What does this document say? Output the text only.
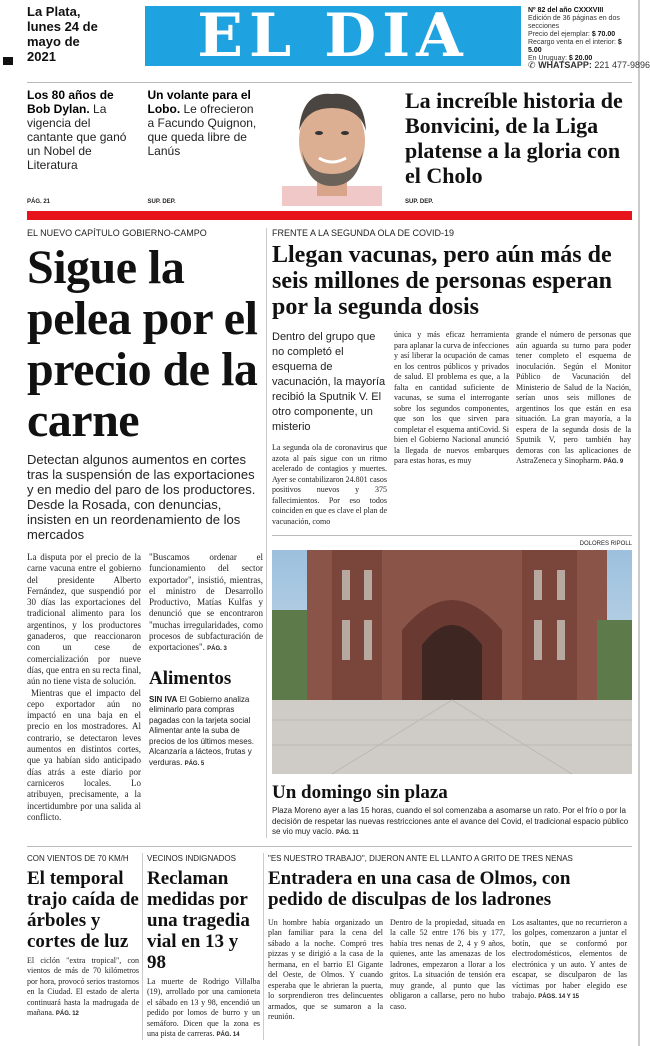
La Plata, lunes 24 de mayo de 2021	EL DIA	Nº 82 del año CXXXVIII
Edición de 36 páginas en dos secciones
Precio del ejemplar: $ 70.00
Recargo venta en el interior: $ 5.00
En Uruguay: $ 20.00
✆ WHATSAPP: 221 477-9896
Los 80 años de Bob Dylan. La vigencia del cantante que ganó un Nobel de Literatura
PÁG. 21
Un volante para el Lobo. Le ofrecieron a Facundo Quignon, que queda libre de Lanús
SUP. DEP.
La increíble historia de Bonvicini, de la Liga platense a la gloria con el Cholo
SUP. DEP.
EL NUEVO CAPÍTULO GOBIERNO-CAMPO
Sigue la pelea por el precio de la carne
Detectan algunos aumentos en cortes tras la suspensión de las exportaciones y en medio del paro de los productores. Desde la Rosada, con denuncias, insisten en un reordenamiento de los mercados

La disputa por el precio de la carne vacuna entre el gobierno del presidente Alberto Fernández, que suspendió por 30 días las exportaciones del tradicional alimento para los argentinos, y los productores ganaderos, que reaccionaron con un cese de comercialización por nueve días, que entra en su recta final, aún no tiene vista de solución.

Mientras que el impacto del cepo exportador aún no impactó en una baja en el precio en los mostradores. Al contrario, se detectaron leves aumentos en distintos cortes, que ya habían sido anticipado días atrás a este diario por carniceros locales. Lo atribuyen, precisamente, a la incertidumbre por una salida al conflicto.

"Buscamos ordenar el funcionamiento del sector exportador", insistió, mientras, el ministro de Desarrollo Productivo, Matías Kulfas y denunció que se encontraron "muchas irregularidades, como procesos de subfacturación de exportaciones". PÁG. 3
Alimentos
SIN IVA El Gobierno analiza eliminarlo para compras pagadas con la tarjeta social Alimentar ante la suba de precios de los últimos meses. Alcanzaría a lácteos, frutas y verduras. PÁG. 5
FRENTE A LA SEGUNDA OLA DE COVID-19
Llegan vacunas, pero aún más de seis millones de personas esperan por la segunda dosis
Dentro del grupo que no completó el esquema de vacunación, la mayoría recibió la Sputnik V. El otro componente, un misterio
La segunda ola de coronavirus que azota al país sigue con un ritmo acelerado de contagios y muertes. Ayer se contabilizaron 24.801 casos positivos nuevos y 375 fallecimientos. Por eso todos coinciden en que es clave el plan de vacunación, como
única y más eficaz herramienta para aplanar la curva de infecciones y así liberar la ocupación de camas en los centros públicos y privados de salud. El problema es que, a la falta en cantidad suficiente de vacunas, se suma el interrogante sobre los segundos componentes, que son los que sirven para completar el esquema antiCovid. Si bien el Gobierno Nacional anunció la llegada de nuevos embarques para estas horas, es muy
grande el número de personas que aún aguarda su turno para poder tener completo el esquema de inoculación. Según el Monitor Público de Vacunación del Ministerio de Salud de la Nación, serían unos seis millones de argentinos los que están en esa situación. La gran mayoría, a la espera de la segunda dosis de la Sputnik V, pero también hay demoras con las aplicaciones de AstraZeneca y Sinopharm. PÁG. 9
DOLORES RIPOLL
Un domingo sin plaza
Plaza Moreno ayer a las 15 horas, cuando el sol comenzaba a asomarse un rato. Por el frío o por la decisión de respetar las nuevas restricciones ante el avance del Covid, el tradicional espacio público se vio muy vacío. PÁG. 11
CON VIENTOS DE 70 KM/H
El temporal trajo caída de árboles y cortes de luz
El ciclón "extra tropical", con vientos de más de 70 kilómetros por hora, provocó serios trastornos en la Ciudad. El estado de alerta continuará hasta la madrugada de mañana. PÁG. 12
VECINOS INDIGNADOS
Reclaman medidas por una tragedia vial en 13 y 98
La muerte de Rodrigo Villalba (19), arrollado por una camioneta el sábado en 13 y 98, encendió un pedido por lomos de burro y un semáforo. Dicen que la zona es una pista de carreras. PÁG. 14
"ES NUESTRO TRABAJO", DIJERON ANTE EL LLANTO A GRITO DE TRES NENAS
Entradera en una casa de Olmos, con pedido de disculpas de los ladrones
Un hombre había organizado un plan familiar para la cena del sábado a la noche. Compró tres pizzas y se dirigió a la casa de la hermana, en el barrio El Gigante del Oeste, de Olmos. Y cuando esperaba que le abrieran la puerta, lo sorprendieron tres delincuentes armados, que se sumaron a la reunión.
Dentro de la propiedad, situada en la calle 52 entre 176 bis y 177, había tres nenas de 2, 4 y 9 años, quienes, ante las amenazas de los ladrones, empezaron a llorar a los gritos. La situación de tensión era muy grande, al punto que las obligaron a callarse, pero no hubo caso.
Los asaltantes, que no recurrieron a los golpes, comenzaron a juntar el botín, que se conformó por electrodomésticos, elementos de electrónica y un auto. Y antes de escapar, se disculparon de las víctimas por haber elegido ese trabajo. PÁGS. 14 Y 15
